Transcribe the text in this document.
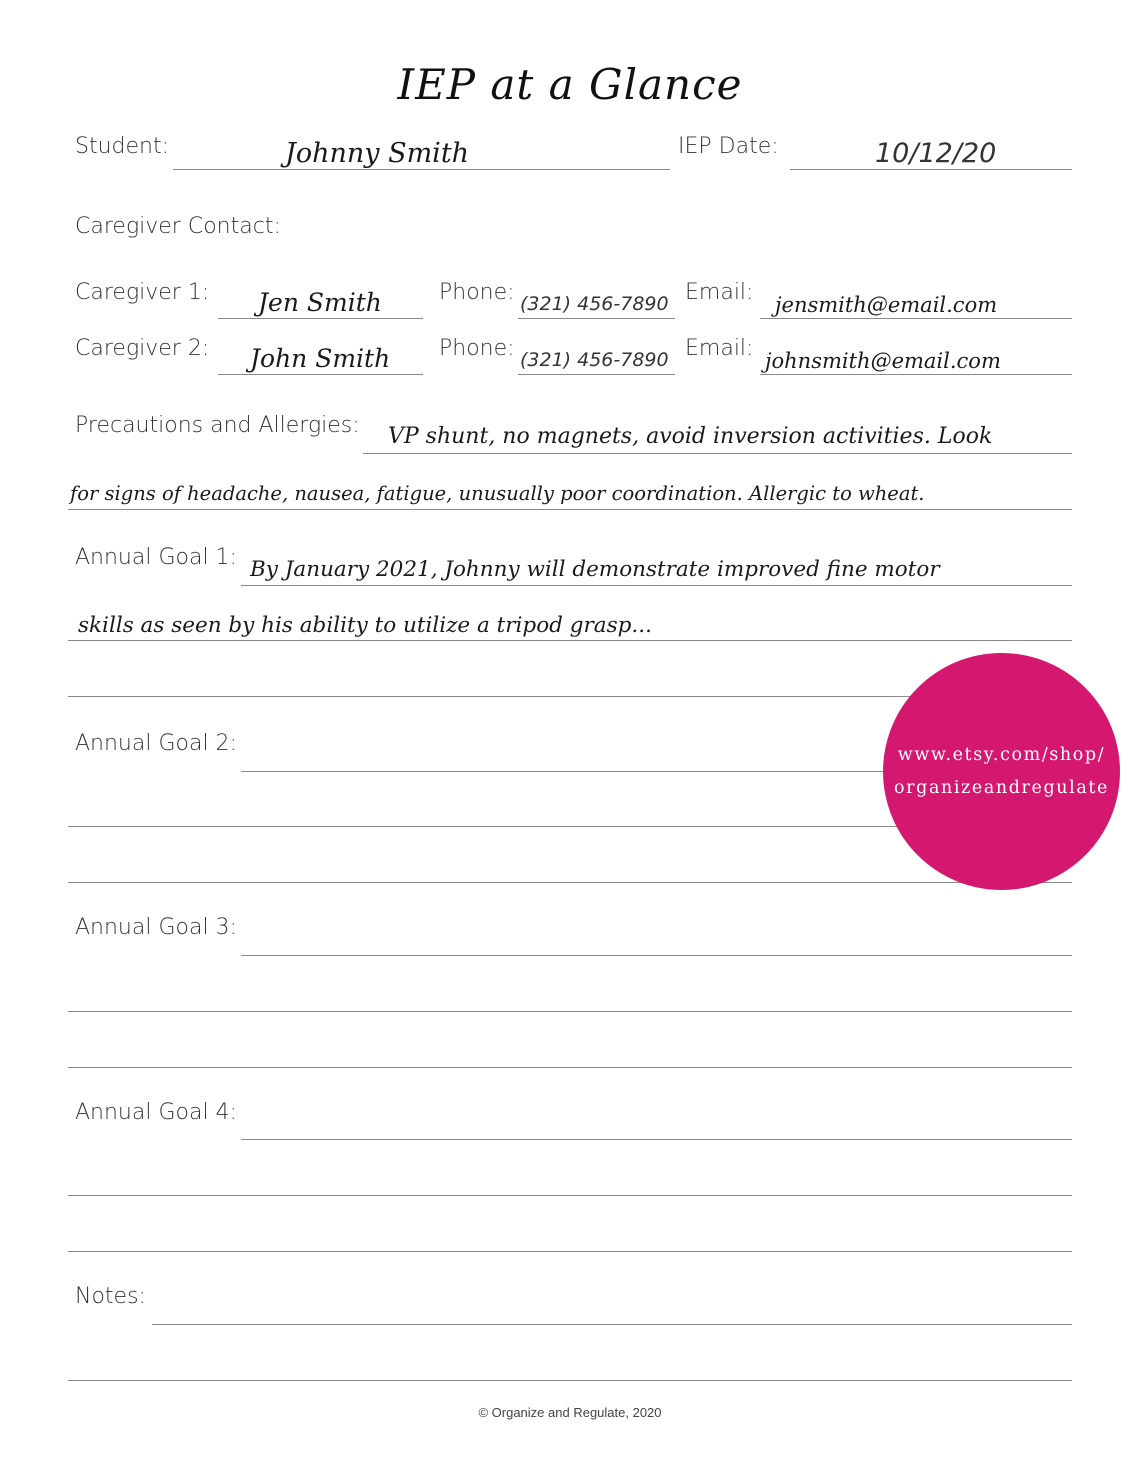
IEP at a Glance
Student:	Johnny Smith	IEP Date:	10/12/20
Caregiver Contact:
Caregiver 1: Jen Smith	Phone: (321) 456-7890 Email: jensmith@email.com
Caregiver 2: John Smith Phone: (321) 456-7890 Email: johnsmith@email.com
Precautions and Allergies: VP shunt, no magnets, avoid inversion activities. Look
for signs of headache, nausea, fatigue, unusually poor coordination. Allergic to wheat.
Annual Goal 1: By January 2021, Johnny will demonstrate improved fine motor
skills as seen by his ability to utilize a tripod grasp...
Annual Goal 2:
Annual Goal 3:
Annual Goal 4:
Notes:
www.etsy.com/shop/
organizeandregulate
© Organize and Regulate, 2020
